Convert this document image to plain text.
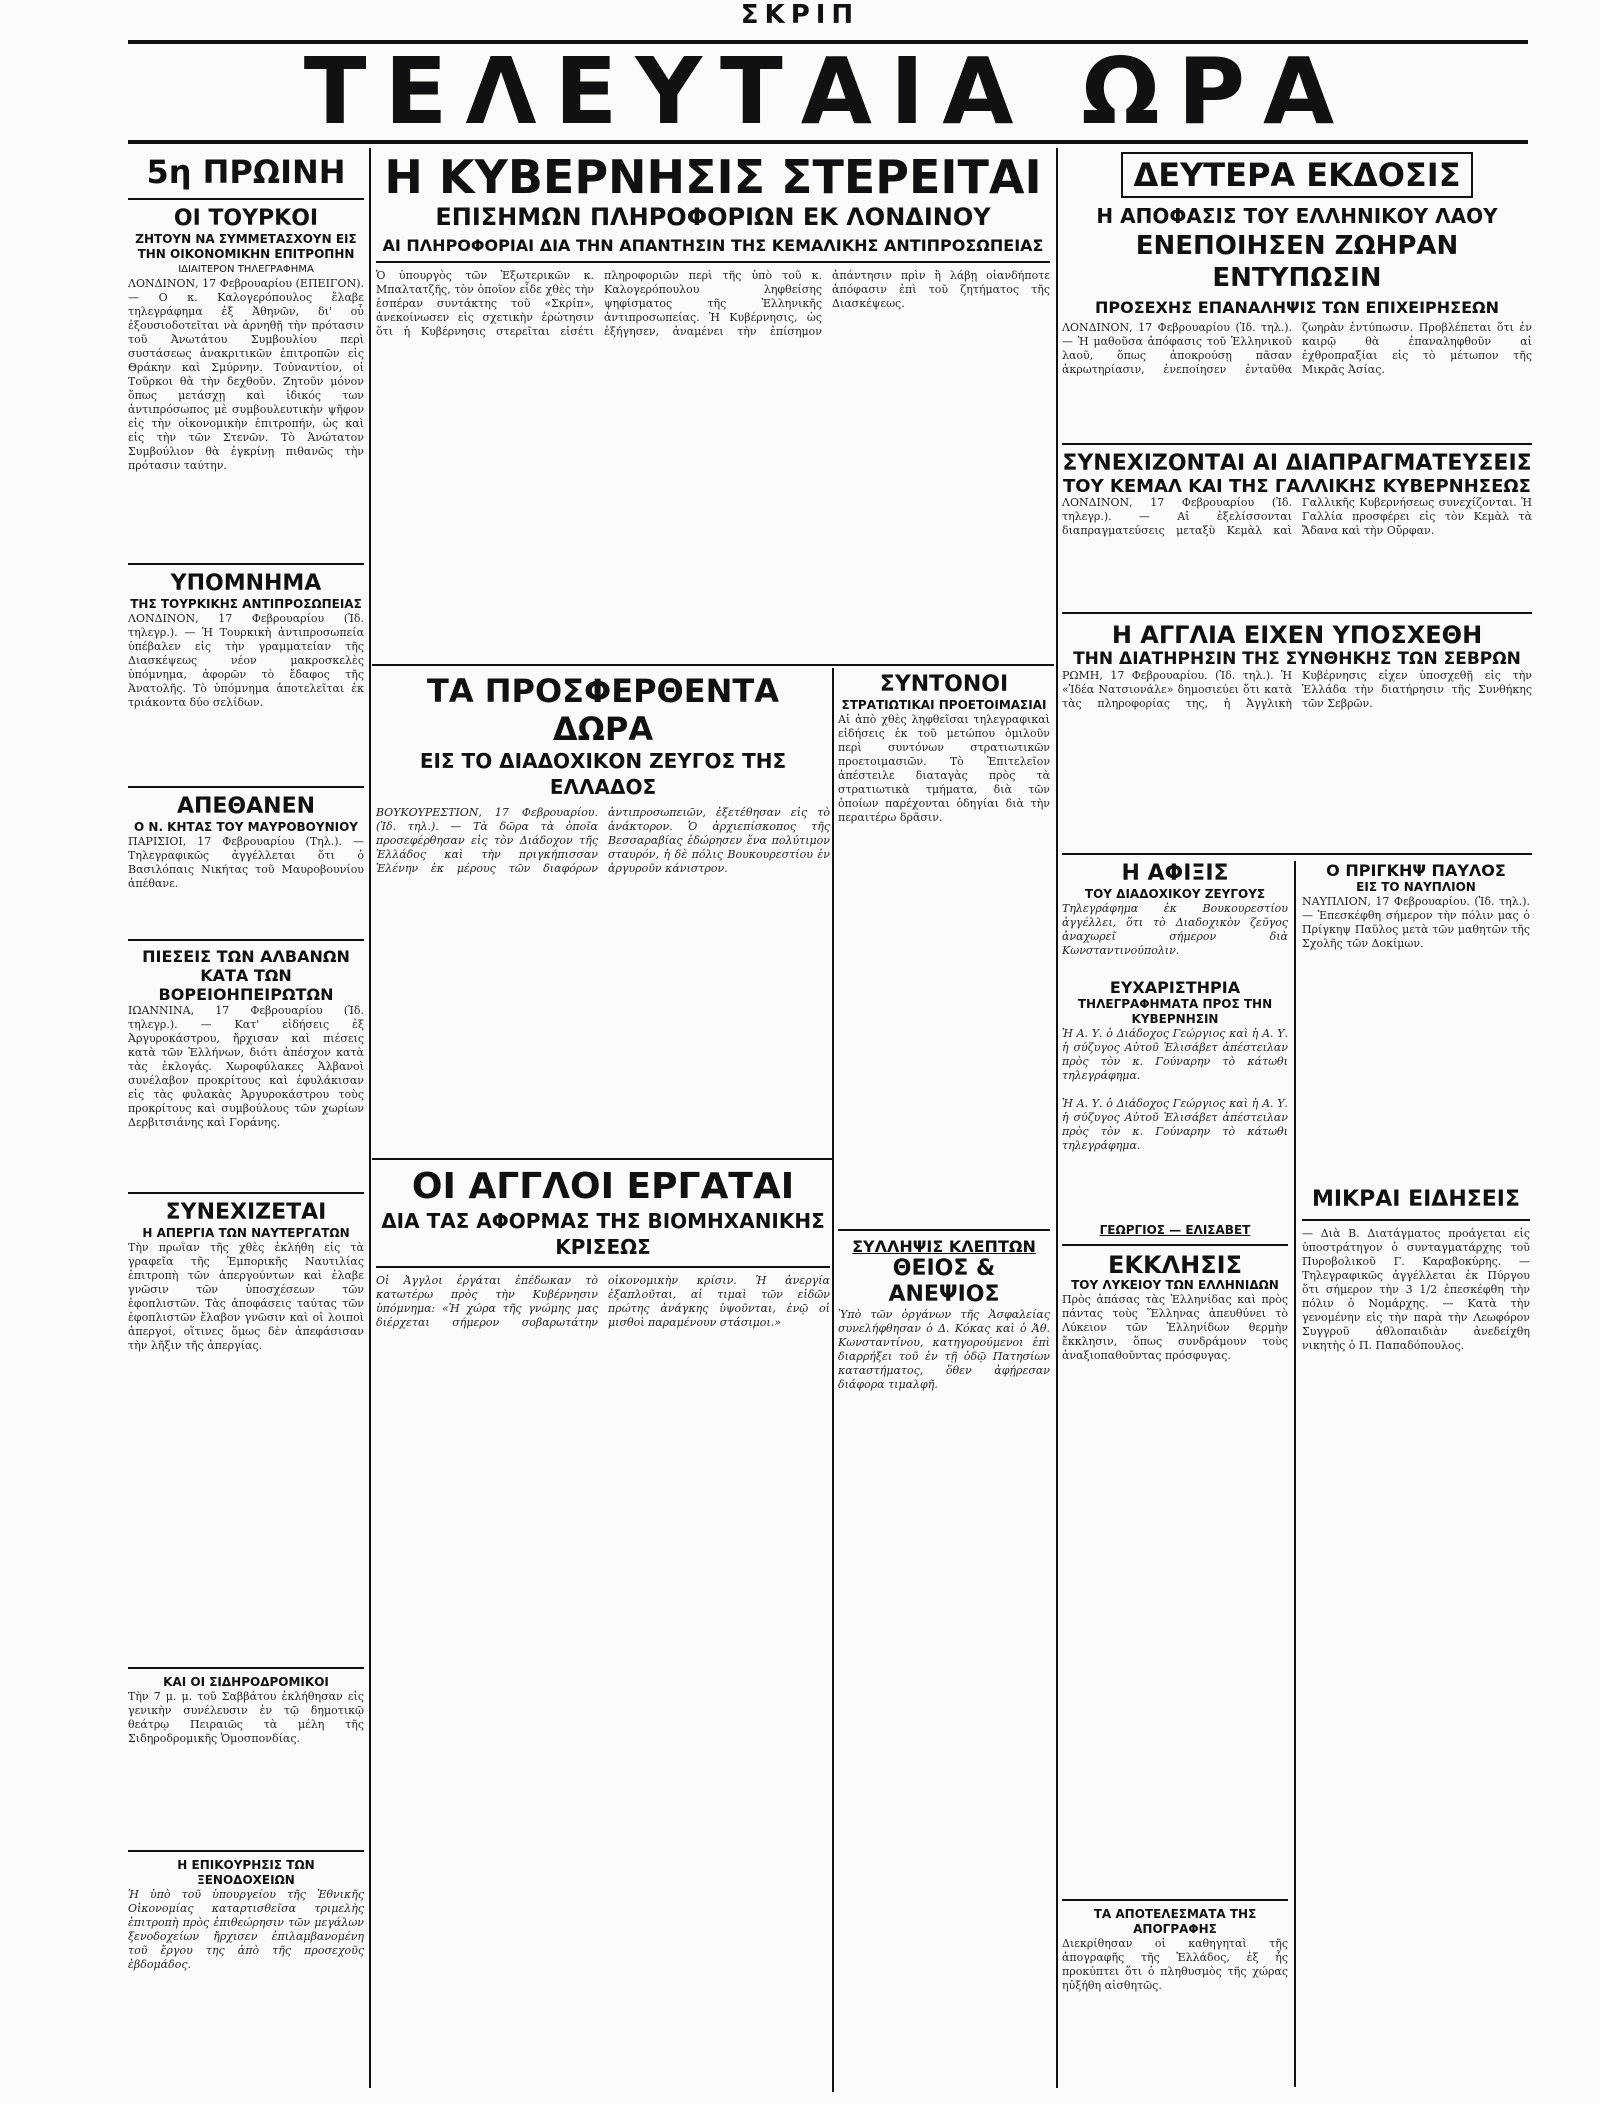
ΣΚΡΙΠ
ΤΕΛΕΥΤΑΙΑ ΩΡΑ
5η ΠΡΩΙΝΗ
ΟΙ ΤΟΥΡΚΟΙ
ΖΗΤΟΥΝ ΝΑ ΣΥΜΜΕΤΑΣΧΟΥΝ ΕΙΣ ΤΗΝ ΟΙΚΟΝΟΜΙΚΗΝ ΕΠΙΤΡΟΠΗΝ
ΙΔΙΑΙΤΕΡΟΝ ΤΗΛΕΓΡΑΦΗΜΑ

ΛΟΝΔΙΝΟΝ, 17 Φεβρουαρίου (ΕΠΕΙΓΟΝ). — Ο κ. Καλογερόπουλος ἔλαβε τηλεγράφημα ἐξ Ἀθηνῶν, δι' οὗ ἐξουσιοδοτεῖται νὰ ἀρνηθῇ τὴν πρότασιν τοῦ Ἀνωτάτου Συμβουλίου περὶ συστάσεως ἀνακριτικῶν ἐπιτροπῶν εἰς Θράκην καὶ Σμύρνην. Τοὐναντίον, οἱ Τοῦρκοι θὰ τὴν δεχθοῦν. Ζητοῦν μόνον ὅπως μετάσχῃ καὶ ἰδικός των ἀντιπρόσωπος μὲ συμβουλευτικὴν ψῆφον εἰς τὴν οἰκονομικὴν ἐπιτροπήν, ὡς καὶ εἰς τὴν τῶν Στενῶν. Τὸ Ἀνώτατον Συμβούλιον θὰ ἐγκρίνῃ πιθανῶς τὴν πρότασιν ταύτην.

ΥΠΟΜΝΗΜΑ
ΤΗΣ ΤΟΥΡΚΙΚΗΣ ΑΝΤΙΠΡΟΣΩΠΕΙΑΣ

ΛΟΝΔΙΝΟΝ, 17 Φεβρουαρίου (Ἰδ. τηλεγρ.). — Ἡ Τουρκικὴ ἀντιπροσωπεία ὑπέβαλεν εἰς τὴν γραμματείαν τῆς Διασκέψεως νέον μακροσκελὲς ὑπόμνημα, ἀφορῶν τὸ ἔδαφος τῆς Ἀνατολῆς. Τὸ ὑπόμνημα ἀποτελεῖται ἐκ τριάκοντα δύο σελίδων.

ΑΠΕΘΑΝΕΝ
Ο Ν. ΚΗΤΑΣ ΤΟΥ ΜΑΥΡΟΒΟΥΝΙΟΥ

ΠΑΡΙΣΙΟΙ, 17 Φεβρουαρίου (Τηλ.). — Τηλεγραφικῶς ἀγγέλλεται ὅτι ὁ Βασιλόπαις Νικήτας τοῦ Μαυροβουνίου ἀπέθανε.

ΠΙΕΣΕΙΣ ΤΩΝ ΑΛΒΑΝΩΝ
ΚΑΤΑ ΤΩΝ ΒΟΡΕΙΟΗΠΕΙΡΩΤΩΝ

ΙΩΑΝΝΙΝΑ, 17 Φεβρουαρίου (Ἰδ. τηλεγρ.). — Κατ' εἰδήσεις ἐξ Ἀργυροκάστρου, ἤρχισαν καὶ πιέσεις κατὰ τῶν Ἑλλήνων, διότι ἀπέσχον κατὰ τὰς ἐκλογάς. Χωροφύλακες Ἀλβανοὶ συνέλαβον προκρίτους καὶ ἐφυλάκισαν εἰς τὰς φυλακὰς Ἀργυροκάστρου τοὺς προκρίτους καὶ συμβούλους τῶν χωρίων Δερβιτσιάνης καὶ Γοράνης.

ΣΥΝΕΧΙΖΕΤΑΙ
Η ΑΠΕΡΓΙΑ ΤΩΝ ΝΑΥΤΕΡΓΑΤΩΝ

Τὴν πρωΐαν τῆς χθὲς ἐκλήθη εἰς τὰ γραφεῖα τῆς Ἐμπορικῆς Ναυτιλίας ἐπιτροπὴ τῶν ἀπεργούντων καὶ ἐλαβε γνῶσιν τῶν ὑποσχέσεων τῶν ἐφοπλιστῶν. Τὰς ἀποφάσεις ταύτας τῶν ἐφοπλιστῶν ἔλαβον γνῶσιν καὶ οἱ λοιποὶ ἀπεργοί, οἵτινες ὅμως δὲν ἀπεφάσισαν τὴν λῆξιν τῆς ἀπεργίας.

ΚΑΙ ΟΙ ΣΙΔΗΡΟΔΡΟΜΙΚΟΙ

Τὴν 7 μ. μ. τοῦ Σαββάτου ἐκλήθησαν εἰς γενικὴν συνέλευσιν ἐν τῷ δημοτικῷ θεάτρῳ Πειραιῶς τὰ μέλη τῆς Σιδηροδρομικῆς Ὁμοσπονδίας.

Η ΕΠΙΚΟΥΡΗΣΙΣ ΤΩΝ ΞΕΝΟΔΟΧΕΙΩΝ

Ἡ ὑπὸ τοῦ ὑπουργείου τῆς Ἐθνικῆς Οἰκονομίας καταρτισθεῖσα τριμελὴς ἐπιτροπὴ πρὸς ἐπιθεώρησιν τῶν μεγάλων ξενοδοχείων ἤρχισεν ἐπιλαμβανομένη τοῦ ἔργου της ἀπὸ τῆς προσεχοῦς ἑβδομάδος.

Η ΚΥΒΕΡΝΗΣΙΣ ΣΤΕΡΕΙΤΑΙ
ΕΠΙΣΗΜΩΝ ΠΛΗΡΟΦΟΡΙΩΝ ΕΚ ΛΟΝΔΙΝΟΥ
ΑΙ ΠΛΗΡΟΦΟΡΙΑΙ ΔΙΑ ΤΗΝ ΑΠΑΝΤΗΣΙΝ ΤΗΣ ΚΕΜΑΛΙΚΗΣ ΑΝΤΙΠΡΟΣΩΠΕΙΑΣ

Ὁ ὑπουργὸς τῶν Ἐξωτερικῶν κ. Μπαλτατζῆς, τὸν ὁποῖον εἶδε χθὲς τὴν ἑσπέραν συντάκτης τοῦ «Σκρίπ», ἀνεκοίνωσεν εἰς σχετικὴν ἐρώτησιν ὅτι ἡ Κυβέρνησις στερεῖται εἰσέτι πληροφοριῶν περὶ τῆς ὑπὸ τοῦ κ. Καλογερόπουλου ληφθείσης ψηφίσματος τῆς Ἑλληνικῆς ἀντιπροσωπείας. Ἡ Κυβέρνησις, ὡς ἐξήγησεν, ἀναμένει τὴν ἐπίσημον ἀπάντησιν πρὶν ἢ λάβῃ οἱανδήποτε ἀπόφασιν ἐπὶ τοῦ ζητήματος τῆς Διασκέψεως.

ΤΑ ΠΡΟΣΦΕΡΘΕΝΤΑ ΔΩΡΑ
ΕΙΣ ΤΟ ΔΙΑΔΟΧΙΚΟΝ ΖΕΥΓΟΣ ΤΗΣ ΕΛΛΑΔΟΣ

ΒΟΥΚΟΥΡΕΣΤΙΟΝ, 17 Φεβρουαρίου. (Ἰδ. τηλ.). — Τὰ δῶρα τὰ ὁποῖα προσεφέρθησαν εἰς τὸν Διάδοχον τῆς Ἑλλάδος καὶ τὴν πριγκήπισσαν Ἑλένην ἐκ μέρους τῶν διαφόρων ἀντιπροσωπειῶν, ἐξετέθησαν εἰς τὸ ἀνάκτορον. Ὁ ἀρχιεπίσκοπος τῆς Βεσσαραβίας ἐδώρησεν ἕνα πολύτιμον σταυρόν, ἡ δὲ πόλις Βουκουρεστίου ἐν ἀργυροῦν κάνιστρον.

ΟΙ ΑΓΓΛΟΙ ΕΡΓΑΤΑΙ
ΔΙΑ ΤΑΣ ΑΦΟΡΜΑΣ ΤΗΣ ΒΙΟΜΗΧΑΝΙΚΗΣ ΚΡΙΣΕΩΣ

Οἱ Ἀγγλοι ἐργάται ἐπέδωκαν τὸ κατωτέρω πρὸς τὴν Κυβέρνησιν ὑπόμνημα: «Ἡ χώρα τῆς γνώμης μας διέρχεται σήμερον σοβαρωτάτην οἰκονομικὴν κρίσιν. Ἡ ἀνεργία ἐξαπλοῦται, αἱ τιμαὶ τῶν εἰδῶν πρώτης ἀνάγκης ὑψοῦνται, ἐνῷ οἱ μισθοὶ παραμένουν στάσιμοι.»

ΣΥΝΤΟΝΟΙ
ΣΤΡΑΤΙΩΤΙΚΑΙ ΠΡΟΕΤΟΙΜΑΣΙΑΙ

Αἱ ἀπὸ χθὲς ληφθεῖσαι τηλεγραφικαὶ εἰδήσεις ἐκ τοῦ μετώπου ὁμιλοῦν περὶ συντόνων στρατιωτικῶν προετοιμασιῶν. Τὸ Ἐπιτελεῖον ἀπέστειλε διαταγὰς πρὸς τὰ στρατιωτικὰ τμήματα, διὰ τῶν ὁποίων παρέχονται ὁδηγίαι διὰ τὴν περαιτέρω δρᾶσιν.

ΣΥΛΛΗΨΙΣ ΚΛΕΠΤΩΝ
ΘΕΙΟΣ & ΑΝΕΨΙΟΣ

Ὑπὸ τῶν ὀργάνων τῆς Ἀσφαλείας συνελήφθησαν ὁ Δ. Κόκας καὶ ὁ Ἀθ. Κωνσταντίνου, κατηγορούμενοι ἐπὶ διαρρήξει τοῦ ἐν τῇ ὁδῷ Πατησίων καταστήματος, ὅθεν ἀφῄρεσαν διάφορα τιμαλφῆ.

ΔΕΥΤΕΡΑ ΕΚΔΟΣΙΣ
Η ΑΠΟΦΑΣΙΣ ΤΟΥ ΕΛΛΗΝΙΚΟΥ ΛΑΟΥ
ΕΝΕΠΟΙΗΣΕΝ ΖΩΗΡΑΝ ΕΝΤΥΠΩΣΙΝ
ΠΡΟΣΕΧΗΣ ΕΠΑΝΑΛΗΨΙΣ ΤΩΝ ΕΠΙΧΕΙΡΗΣΕΩΝ

ΛΟΝΔΙΝΟΝ, 17 Φεβρουαρίου (Ἰδ. τηλ.). — Ἡ μαθοῦσα ἀπόφασις τοῦ Ἑλληνικοῦ λαοῦ, ὅπως ἀποκρούσῃ πᾶσαν ἀκρωτηρίασιν, ἐνεποίησεν ἐνταῦθα ζωηρὰν ἐντύπωσιν. Προβλέπεται ὅτι ἐν καιρῷ θὰ ἐπαναληφθοῦν αἱ ἐχθροπραξίαι εἰς τὸ μέτωπον τῆς Μικρᾶς Ἀσίας.

ΣΥΝΕΧΙΖΟΝΤΑΙ ΑΙ ΔΙΑΠΡΑΓΜΑΤΕΥΣΕΙΣ
ΤΟΥ ΚΕΜΑΛ ΚΑΙ ΤΗΣ ΓΑΛΛΙΚΗΣ ΚΥΒΕΡΝΗΣΕΩΣ

ΛΟΝΔΙΝΟΝ, 17 Φεβρουαρίου (Ἰδ. τηλεγρ.). — Αἱ ἐξελίσσονται διαπραγματεύσεις μεταξὺ Κεμὰλ καὶ Γαλλικῆς Κυβερνήσεως συνεχίζονται. Ἡ Γαλλία προσφέρει εἰς τὸν Κεμὰλ τὰ Ἄδανα καὶ τὴν Οὔρφαν.

Η ΑΓΓΛΙΑ ΕΙΧΕΝ ΥΠΟΣΧΕΘΗ
ΤΗΝ ΔΙΑΤΗΡΗΣΙΝ ΤΗΣ ΣΥΝΘΗΚΗΣ ΤΩΝ ΣΕΒΡΩΝ

ΡΩΜΗ, 17 Φεβρουαρίου. (Ἰδ. τηλ.). Ἡ «Ἰδέα Νατσιονάλε» δημοσιεύει ὅτι κατὰ τὰς πληροφορίας της, ἡ Ἀγγλικὴ Κυβέρνησις εἶχεν ὑποσχεθῇ εἰς τὴν Ἑλλάδα τὴν διατήρησιν τῆς Συνθήκης τῶν Σεβρῶν.

Η ΑΦΙΞΙΣ
ΤΟΥ ΔΙΑΔΟΧΙΚΟΥ ΖΕΥΓΟΥΣ

Τηλεγράφημα ἐκ Βουκουρεστίου ἀγγέλλει, ὅτι τὸ Διαδοχικὸν ζεῦγος ἀναχωρεῖ σήμερον διὰ Κωνσταντινούπολιν.

ΕΥΧΑΡΙΣΤΗΡΙΑ
ΤΗΛΕΓΡΑΦΗΜΑΤΑ ΠΡΟΣ ΤΗΝ ΚΥΒΕΡΝΗΣΙΝ

Ἡ Α. Υ. ὁ Διάδοχος Γεώργιος καὶ ἡ Α. Υ. ἡ σύζυγος Αὐτοῦ Ἐλισάβετ ἀπέστειλαν πρὸς τὸν κ. Γούναρην τὸ κάτωθι τηλεγράφημα.

Ο ΠΡΙΓΚΗΨ ΠΑΥΛΟΣ
ΕΙΣ ΤΟ ΝΑΥΠΛΙΟΝ

ΝΑΥΠΛΙΟΝ, 17 Φεβρουαρίου. (Ἰδ. τηλ.). — Ἐπεσκέφθη σήμερον τὴν πόλιν μας ὁ Πρίγκηψ Παῦλος μετὰ τῶν μαθητῶν τῆς Σχολῆς τῶν Δοκίμων.

Ἡ Α. Υ. ὁ Διάδοχος Γεώργιος καὶ ἡ Α. Υ. ἡ σύζυγος Αὐτοῦ Ἐλισάβετ ἀπέστειλαν πρὸς τὸν κ. Γούναρην τὸ κάτωθι τηλεγράφημα.

ΓΕΩΡΓΙΟΣ — ΕΛΙΣΑΒΕΤ
ΕΚΚΛΗΣΙΣ
ΤΟΥ ΛΥΚΕΙΟΥ ΤΩΝ ΕΛΛΗΝΙΔΩΝ

Πρὸς ἁπάσας τὰς Ἑλληνίδας καὶ πρὸς πάντας τοὺς Ἕλληνας ἀπευθύνει τὸ Λύκειον τῶν Ἑλληνίδων θερμὴν ἔκκλησιν, ὅπως συνδράμουν τοὺς ἀναξιοπαθοῦντας πρόσφυγας.

ΤΑ ΑΠΟΤΕΛΕΣΜΑΤΑ ΤΗΣ ΑΠΟΓΡΑΦΗΣ

Διεκρίθησαν οἱ καθηγηταὶ τῆς ἀπογραφῆς τῆς Ἑλλάδος, ἐξ ἧς προκύπτει ὅτι ὁ πληθυσμὸς τῆς χώρας ηὐξήθη αἰσθητῶς.

ΜΙΚΡΑΙ ΕΙΔΗΣΕΙΣ

— Διὰ Β. Διατάγματος προάγεται εἰς ὑποστράτηγον ὁ συνταγματάρχης τοῦ Πυροβολικοῦ Γ. Καραβοκύρης. — Τηλεγραφικῶς ἀγγέλλεται ἐκ Πύργου ὅτι σήμερον τὴν 3 1/2 ἐπεσκέφθη τὴν πόλιν ὁ Νομάρχης. — Κατὰ τὴν γενομένην εἰς τὴν παρὰ τὴν Λεωφόρον Συγγροῦ ἀθλοπαιδιὰν ἀνεδείχθη νικητὴς ὁ Π. Παπαδόπουλος.
